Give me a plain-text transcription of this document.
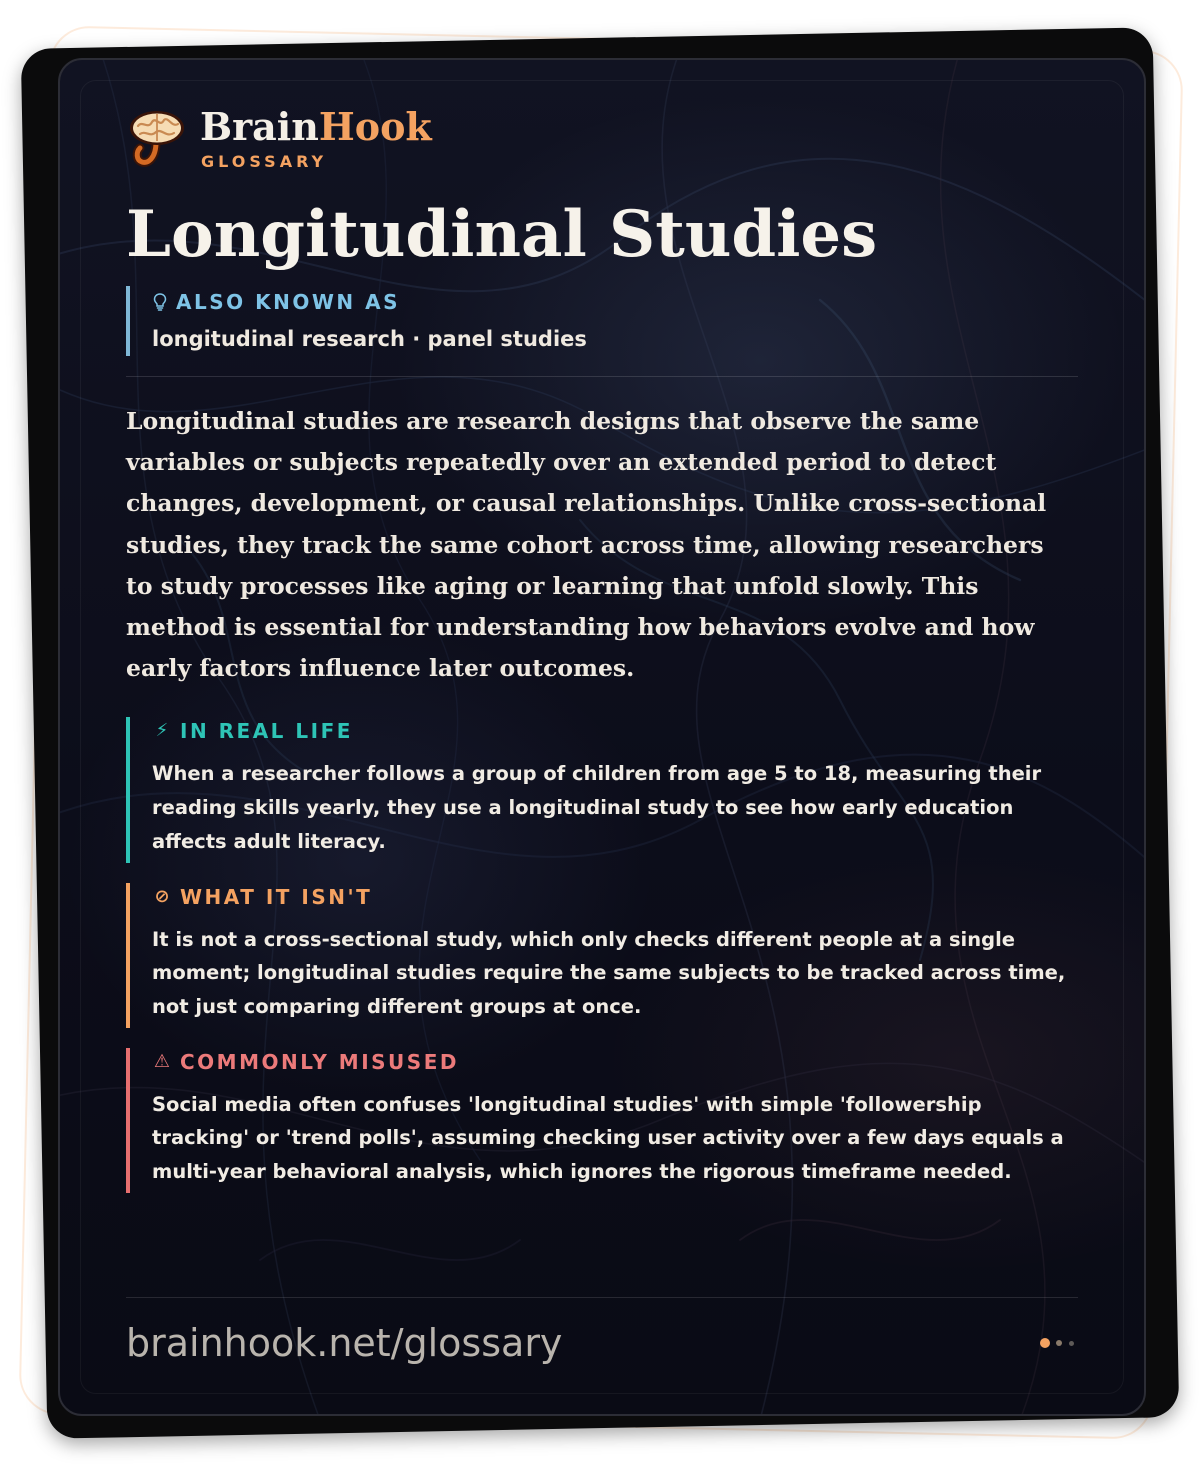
BrainHook
GLOSSARY
Longitudinal Studies
ALSO KNOWN AS
longitudinal research · panel studies

Longitudinal studies are research designs that observe the same variables or subjects repeatedly over an extended period to detect changes, development, or causal relationships. Unlike cross-sectional studies, they track the same cohort across time, allowing researchers to study processes like aging or learning that unfold slowly. This method is essential for understanding how behaviors evolve and how early factors influence later outcomes.

⚡ IN REAL LIFE
When a researcher follows a group of children from age 5 to 18, measuring their reading skills yearly, they use a longitudinal study to see how early education affects adult literacy.
⊘ WHAT IT ISN'T
It is not a cross-sectional study, which only checks different people at a single moment; longitudinal studies require the same subjects to be tracked across time, not just comparing different groups at once.
⚠ COMMONLY MISUSED
Social media often confuses 'longitudinal studies' with simple 'followership tracking' or 'trend polls', assuming checking user activity over a few days equals a multi-year behavioral analysis, which ignores the rigorous timeframe needed.
brainhook.net/glossary
